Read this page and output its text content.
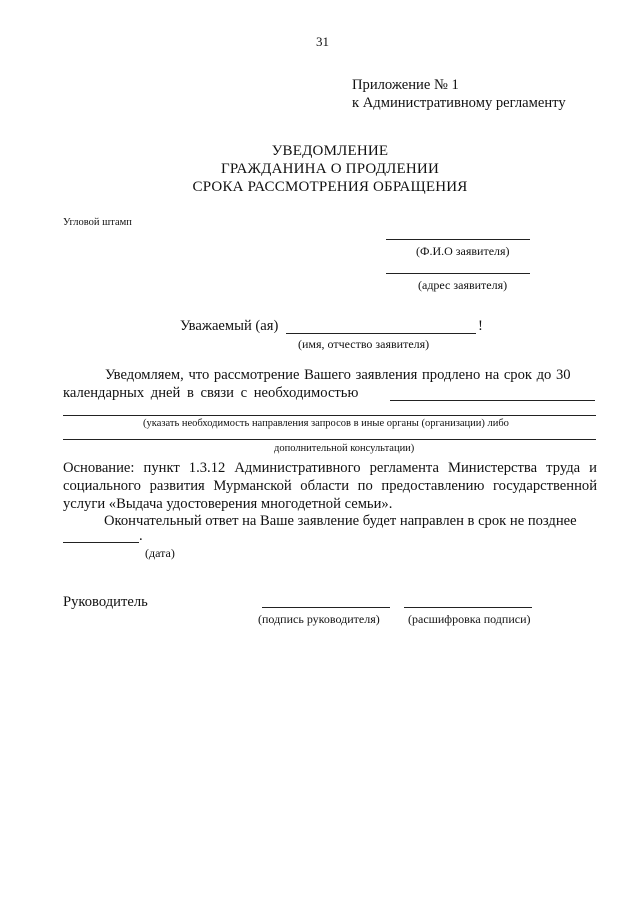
31
Приложение № 1
к Административному регламенту
УВЕДОМЛЕНИЕ
ГРАЖДАНИНА О ПРОДЛЕНИИ
СРОКА РАССМОТРЕНИЯ ОБРАЩЕНИЯ
Угловой штамп
(Ф.И.О заявителя)
(адрес заявителя)
Уважаемый (ая)	!
(имя, отчество заявителя)
Уведомляем, что рассмотрение Вашего заявления продлено на срок до 30
календарных дней в связи с необходимостью
(указать необходимость направления запросов в иные органы (организации) либо
дополнительной консультации)
Основание: пункт 1.3.12 Административного регламента Министерства труда и
социального развития Мурманской области по предоставлению государственной
услуги «Выдача удостоверения многодетной семьи».
Окончательный ответ на Ваше заявление будет направлен в срок не позднее
.
(дата)
Руководитель
(подпись руководителя) (расшифровка подписи)
